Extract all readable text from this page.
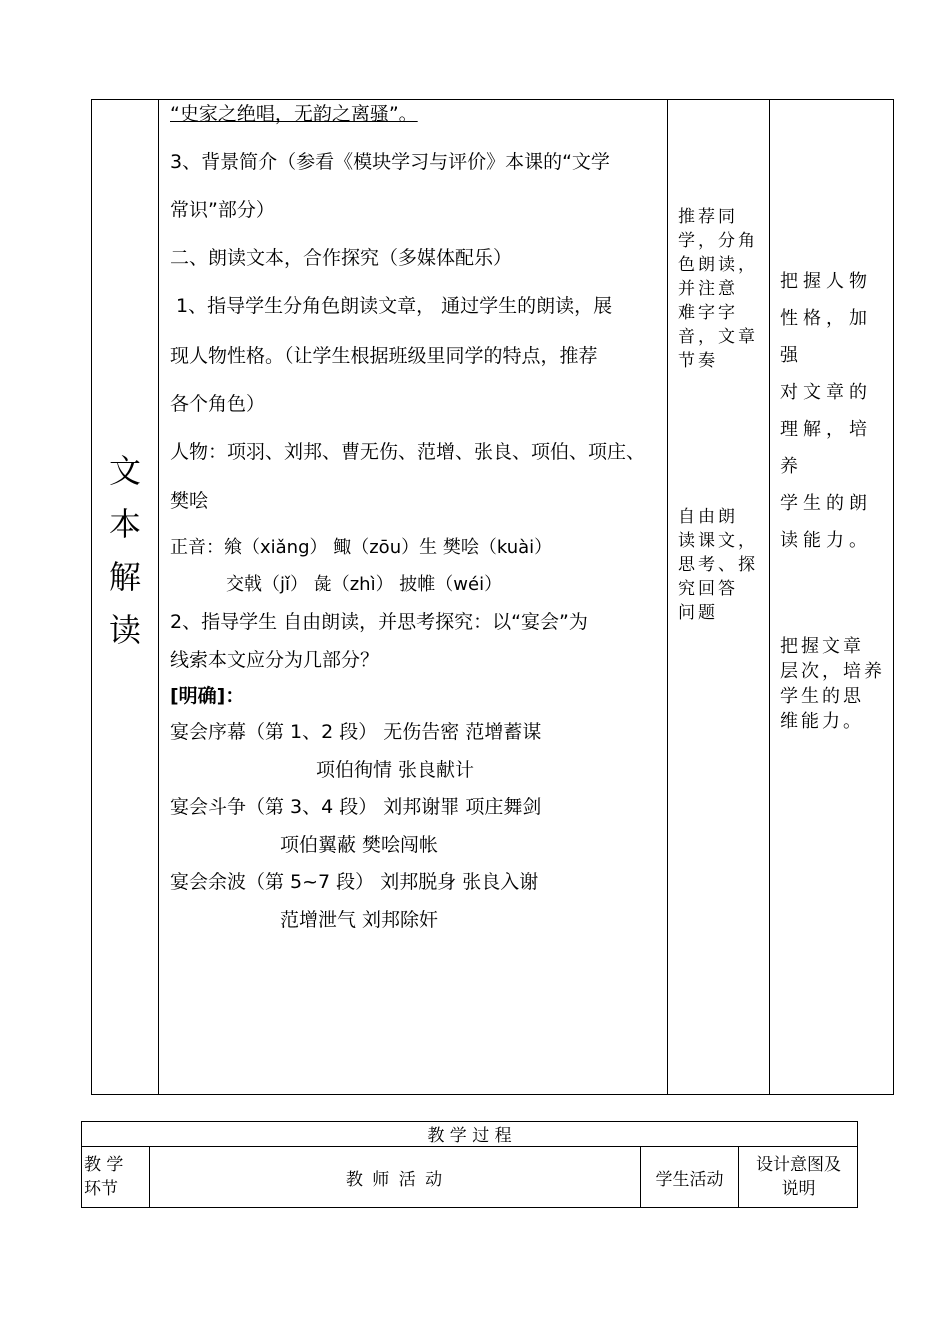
文
本
解
读
“史家之绝唱，无韵之离骚”。
3、背景简介（参看《模块学习与评价》本课的“文学
常识”部分）
二、朗读文本，合作探究（多媒体配乐）
1、指导学生分角色朗读文章， 通过学生的朗读，展
现人物性格。（让学生根据班级里同学的特点，推荐
各个角色）
人物：项羽、刘邦、曹无伤、范增、张良、项伯、项庄、
樊哙
正音：飨（xiǎng） 鲰（zōu）生 樊哙（kuài）
交戟（jǐ） 彘（zhì） 披帷（wéi）
2、指导学生 自由朗读，并思考探究：以“宴会”为
线索本文应分为几部分？
[明确]：
宴会序幕（第 1、2 段） 无伤告密 范增蓄谋
项伯徇情 张良献计
宴会斗争（第 3、4 段） 刘邦谢罪 项庄舞剑
项伯翼蔽 樊哙闯帐
宴会余波（第 5~7 段） 刘邦脱身 张良入谢
范增泄气 刘邦除奸
推荐同
学，分角
色朗读，
并注意
难字字
音，文章
节奏
自由朗
读课文，
思考、探
究回答
问题
把握人物
性格，加强
对文章的
理解，培养
学生的朗
读能力。
把握文章
层次，培养
学生的思
维能力。
教 学 过 程
教 学
环节	教 师 活 动	学生活动
设计意图及
说明
